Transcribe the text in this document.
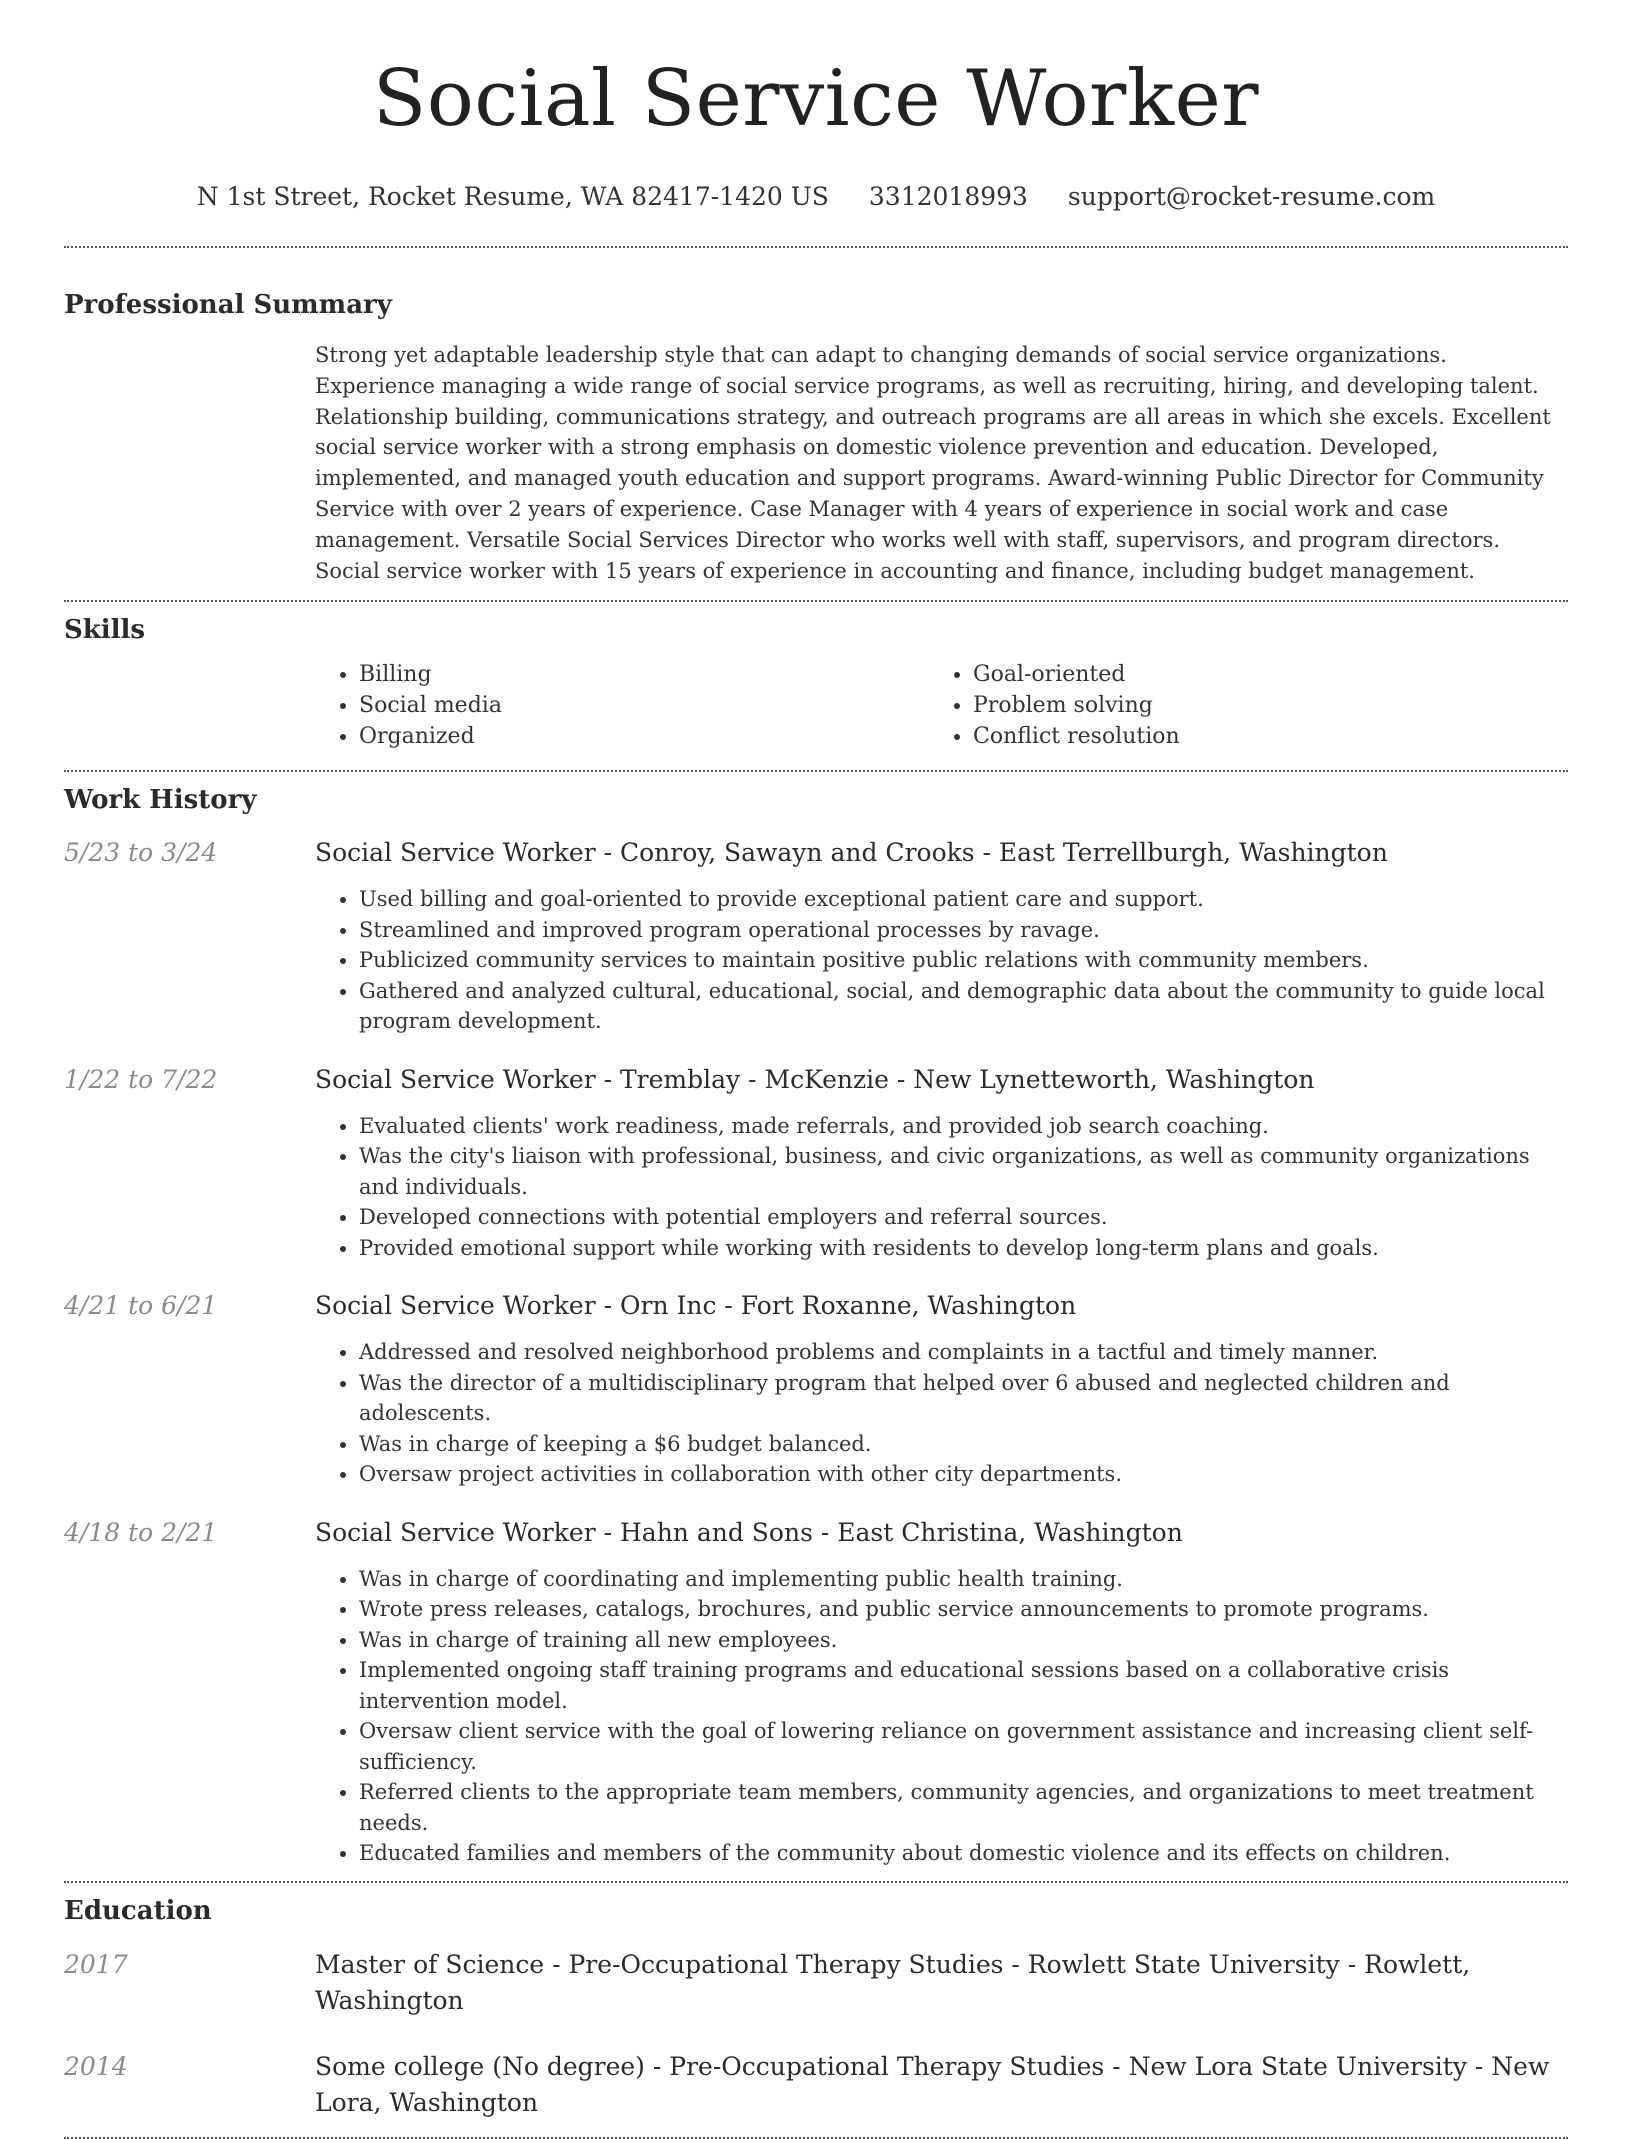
Social Service Worker
N 1st Street, Rocket Resume, WA 82417-1420 US 3312018993 support@rocket-resume.com
Professional Summary

Strong yet adaptable leadership style that can adapt to changing demands of social service organizations. Experience managing a wide range of social service programs, as well as recruiting, hiring, and developing talent. Relationship building, communications strategy, and outreach programs are all areas in which she excels. Excellent social service worker with a strong emphasis on domestic violence prevention and education. Developed, implemented, and managed youth education and support programs. Award-winning Public Director for Community Service with over 2 years of experience. Case Manager with 4 years of experience in social work and case management. Versatile Social Services Director who works well with staff, supervisors, and program directors. Social service worker with 15 years of experience in accounting and finance, including budget management.

Skills
• Billing
• Social media
• Organized
• Goal-oriented
• Problem solving
• Conflict resolution
Work History
5/23 to 3/24	Social Service Worker - Conroy, Sawayn and Crooks - East Terrellburgh, Washington

• Used billing and goal-oriented to provide exceptional patient care and support.
• Streamlined and improved program operational processes by ravage.
• Publicized community services to maintain positive public relations with community members.
• Gathered and analyzed cultural, educational, social, and demographic data about the community to guide local program development.
1/22 to 7/22	Social Service Worker - Tremblay - McKenzie - New Lynetteworth, Washington

• Evaluated clients' work readiness, made referrals, and provided job search coaching.
• Was the city's liaison with professional, business, and civic organizations, as well as community organizations and individuals.
• Developed connections with potential employers and referral sources.
• Provided emotional support while working with residents to develop long-term plans and goals.
4/21 to 6/21	Social Service Worker - Orn Inc - Fort Roxanne, Washington

• Addressed and resolved neighborhood problems and complaints in a tactful and timely manner.
• Was the director of a multidisciplinary program that helped over 6 abused and neglected children and adolescents.
• Was in charge of keeping a $6 budget balanced.
• Oversaw project activities in collaboration with other city departments.
4/18 to 2/21	Social Service Worker - Hahn and Sons - East Christina, Washington

• Was in charge of coordinating and implementing public health training.
• Wrote press releases, catalogs, brochures, and public service announcements to promote programs.
• Was in charge of training all new employees.
• Implemented ongoing staff training programs and educational sessions based on a collaborative crisis intervention model.
• Oversaw client service with the goal of lowering reliance on government assistance and increasing client self-sufficiency.
• Referred clients to the appropriate team members, community agencies, and organizations to meet treatment needs.
• Educated families and members of the community about domestic violence and its effects on children.
Education
2017	Master of Science - Pre-Occupational Therapy Studies - Rowlett State University - Rowlett, Washington
2014	Some college (No degree) - Pre-Occupational Therapy Studies - New Lora State University - New Lora, Washington
